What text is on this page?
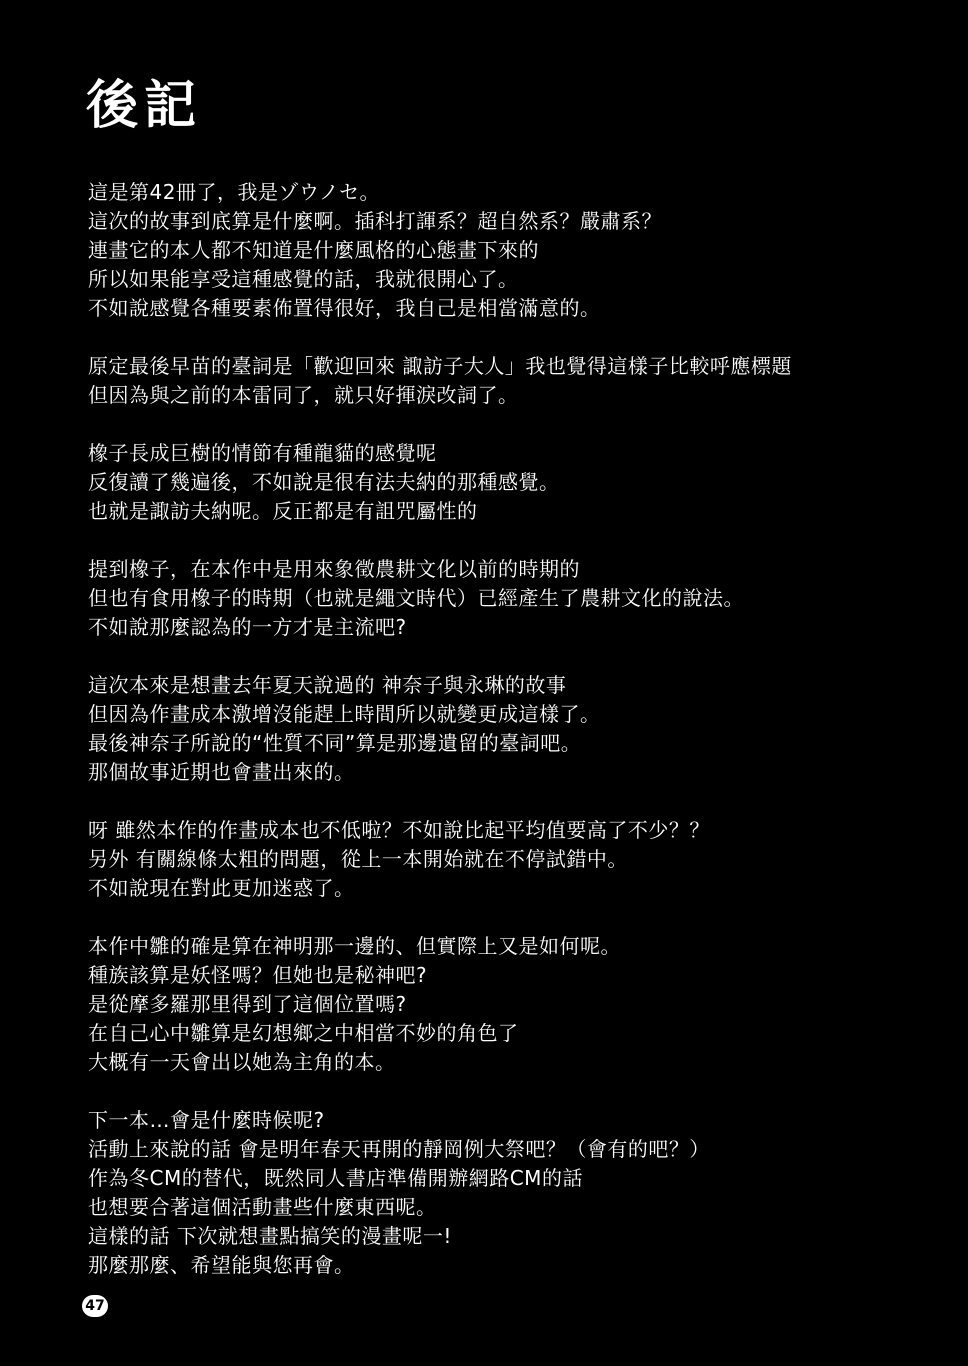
後記
這是第42冊了，我是ゾウノセ。
這次的故事到底算是什麼啊。插科打諢系？超自然系？嚴肅系？
連畫它的本人都不知道是什麼風格的心態畫下來的
所以如果能享受這種感覺的話，我就很開心了。
不如說感覺各種要素佈置得很好，我自己是相當滿意的。
原定最後早苗的臺詞是「歡迎回來 諏訪子大人」我也覺得這樣子比較呼應標題
但因為與之前的本雷同了，就只好揮淚改詞了。
橡子長成巨樹的情節有種龍貓的感覺呢
反復讀了幾遍後，不如說是很有法夫納的那種感覺。
也就是諏訪夫納呢。反正都是有詛咒屬性的
提到橡子，在本作中是用來象徵農耕文化以前的時期的
但也有食用橡子的時期（也就是繩文時代）已經產生了農耕文化的說法。
不如說那麼認為的一方才是主流吧?
這次本來是想畫去年夏天說過的 神奈子與永琳的故事
但因為作畫成本激增沒能趕上時間所以就變更成這樣了。
最後神奈子所說的“性質不同”算是那邊遺留的臺詞吧。
那個故事近期也會畫出來的。
呀 雖然本作的作畫成本也不低啦？不如說比起平均值要高了不少？？
另外 有關線條太粗的問題，從上一本開始就在不停試錯中。
不如說現在對此更加迷惑了。
本作中雛的確是算在神明那一邊的、但實際上又是如何呢。
種族該算是妖怪嗎？但她也是秘神吧?
是從摩多羅那里得到了這個位置嗎?
在自己心中雛算是幻想鄉之中相當不妙的角色了
大概有一天會出以她為主角的本。
下一本…會是什麼時候呢?
活動上來說的話 會是明年春天再開的靜岡例大祭吧？（會有的吧？）
作為冬CM的替代，既然同人書店準備開辦網路CM的話
也想要合著這個活動畫些什麼東西呢。
這樣的話 下次就想畫點搞笑的漫畫呢一!
那麼那麼、希望能與您再會。
47
